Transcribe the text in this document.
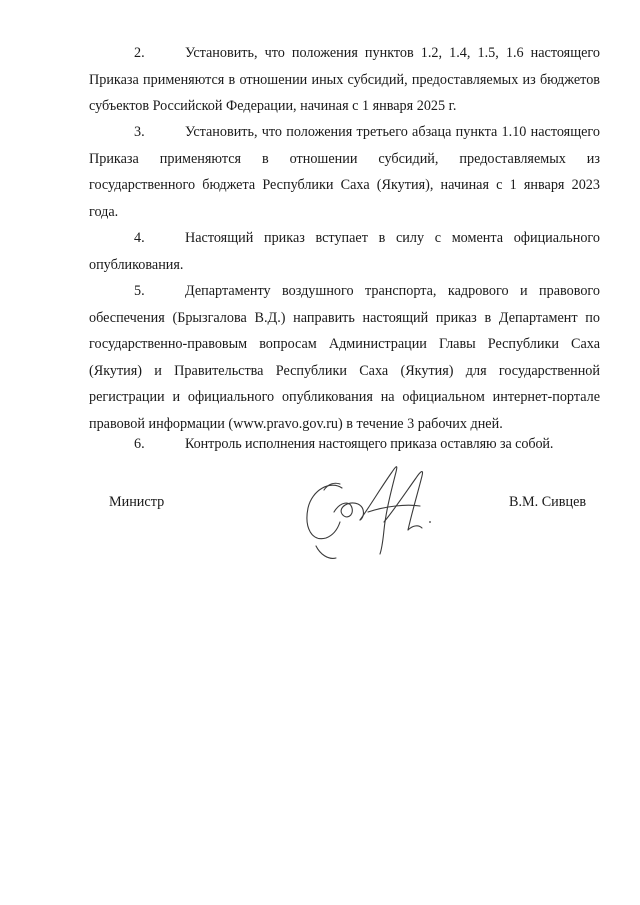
2.	Установить, что положения пунктов 1.2, 1.4, 1.5, 1.6 настоящего Приказа применяются в отношении иных субсидий, предоставляемых из бюджетов субъектов Российской Федерации, начиная с 1 января 2025 г.

3.	Установить, что положения третьего абзаца пункта 1.10 настоящего Приказа применяются в отношении субсидий, предоставляемых из государственного бюджета Республики Саха (Якутия), начиная с 1 января 2023 года.

4.	Настоящий приказ вступает в силу с момента официального опубликования.

5.	Департаменту воздушного транспорта, кадрового и правового обеспечения (Брызгалова В.Д.) направить настоящий приказ в Департамент по государственно-правовым вопросам Администрации Главы Республики Саха (Якутия) и Правительства Республики Саха (Якутия) для государственной регистрации и официального опубликования на официальном интернет-портале правовой информации (www.pravo.gov.ru) в течение 3 рабочих дней.

6.	Контроль исполнения настоящего приказа оставляю за собой.

Министр	В.М. Сивцев
